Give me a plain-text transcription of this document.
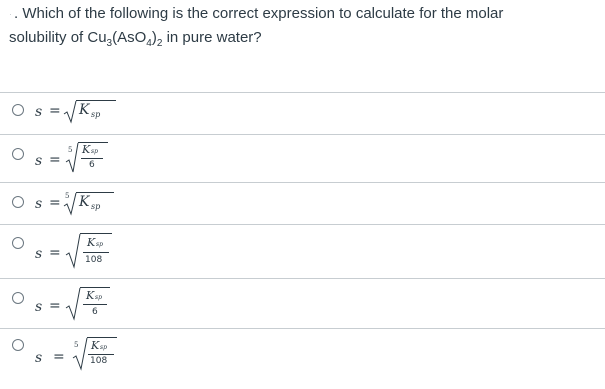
· . Which of the following is the correct expression to calculate for the molar
solubility of $Cu_3(AsO_4)_2$ in pure water?
s = K sp
s =
5 K sp
6
s = 5 K sp
s =
K sp
108
s =
K sp
6
s =
5 K sp
108
